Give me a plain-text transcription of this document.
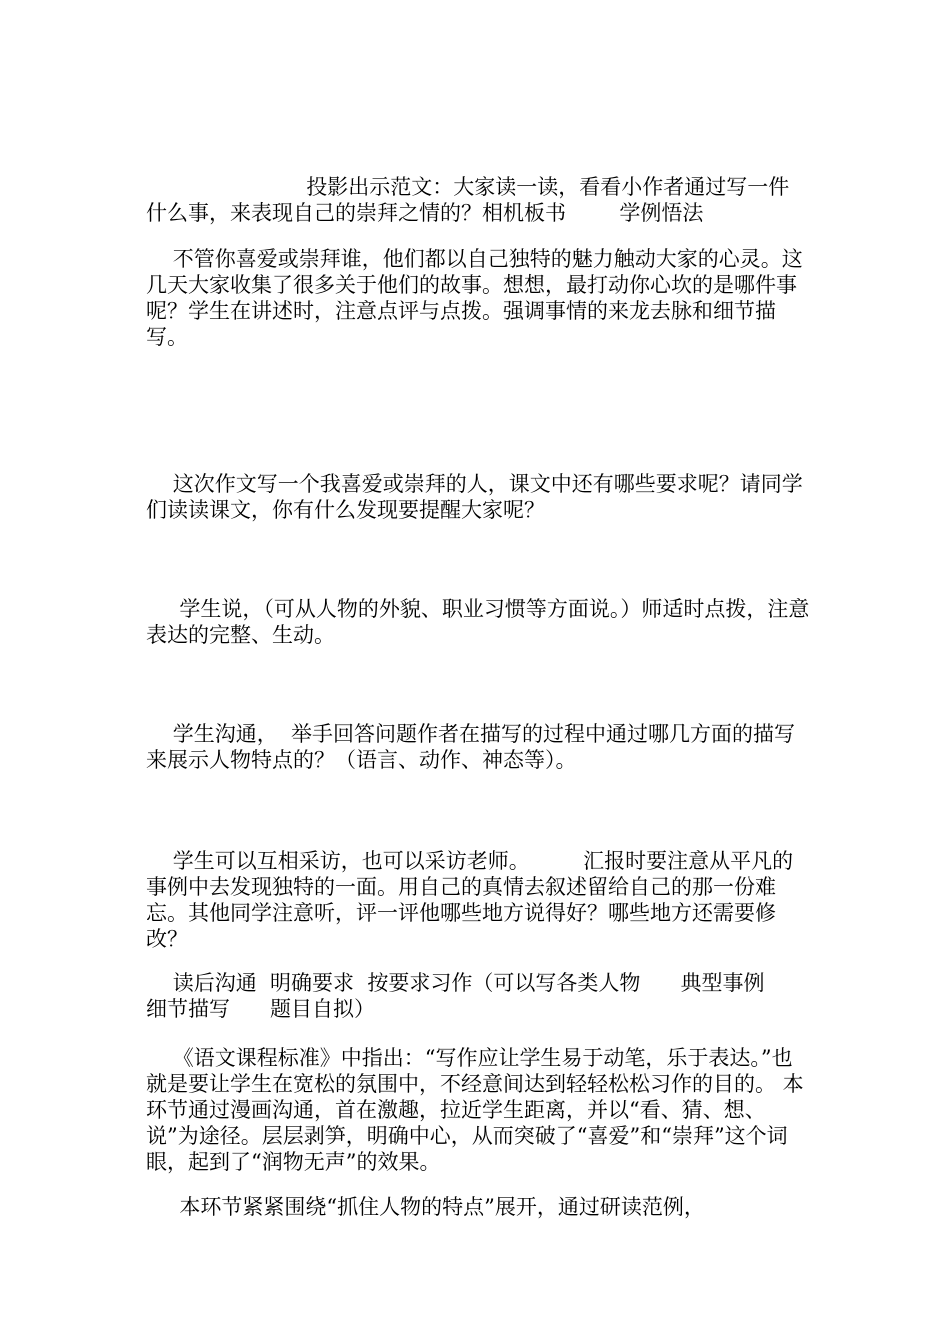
投影出示范文：大家读一读，看看小作者通过写一件什么事，来表现自己的崇拜之情的？相机板书        学例悟法

不管你喜爱或崇拜谁，他们都以自己独特的魅力触动大家的心灵。这几天大家收集了很多关于他们的故事。想想，最打动你心坎的是哪件事呢？学生在讲述时，注意点评与点拨。强调事情的来龙去脉和细节描写。

这次作文写一个我喜爱或崇拜的人，课文中还有哪些要求呢？请同学们读读课文，你有什么发现要提醒大家呢？

学生说，（可从人物的外貌、职业习惯等方面说。）师适时点拨，注意表达的完整、生动。

学生沟通，  举手回答问题作者在描写的过程中通过哪几方面的描写来展示人物特点的？（语言、动作、神态等）。

学生可以互相采访，也可以采访老师。        汇报时要注意从平凡的事例中去发现独特的一面。用自己的真情去叙述留给自己的那一份难忘。其他同学注意听，评一评他哪些地方说得好？哪些地方还需要修改？

读后沟通  明确要求  按要求习作（可以写各类人物      典型事例      细节描写      题目自拟）

《语文课程标准》中指出：“写作应让学生易于动笔，乐于表达。”也就是要让学生在宽松的氛围中，不经意间达到轻轻松松习作的目的。 本环节通过漫画沟通，首在激趣，拉近学生距离，并以“看、猜、想、说”为途径。层层剥笋，明确中心，从而突破了“喜爱”和“崇拜”这个词眼，起到了“润物无声”的效果。

本环节紧紧围绕“抓住人物的特点”展开，通过研读范例，
